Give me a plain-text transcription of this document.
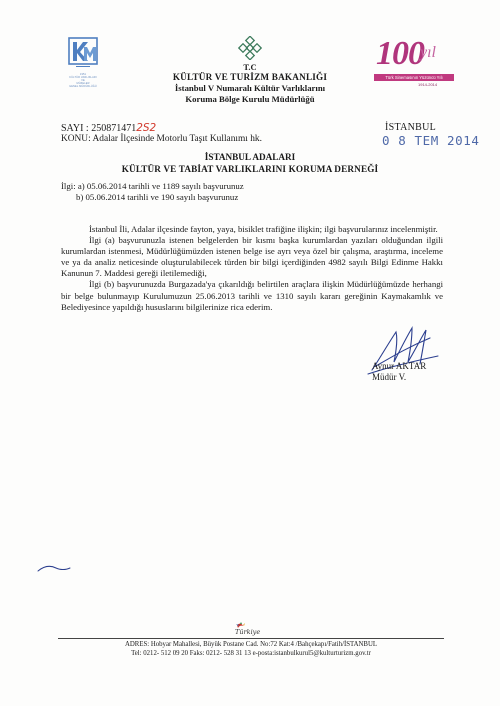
1951
KÜLTÜR VARLIKLARI
VE
MÜZELER
GENEL MÜDÜRLÜĞÜ
T.C
KÜLTÜR VE TURİZM BAKANLIĞI
İstanbul V Numaralı Kültür Varlıklarını
Koruma Bölge Kurulu Müdürlüğü
100
yıl
Türk Sinemasının Yüzüncü Yılı
1914-2014
SAYI : 2508714712S2
KONU: Adalar İlçesinde Motorlu Taşıt Kullanımı hk.
İSTANBUL
0 8 TEM 2014
İSTANBUL ADALARI
KÜLTÜR VE TABİAT VARLIKLARINI KORUMA DERNEĞİ
İlgi: a) 05.06.2014 tarihli ve 1189 sayılı başvurunuz
b) 05.06.2014 tarihli ve 190 sayılı başvurunuz

İstanbul İli, Adalar ilçesinde fayton, yaya, bisiklet trafiğine ilişkin; ilgi başvurularınız incelenmiştir.

İlgi (a) başvurunuzla istenen belgelerden bir kısmı başka kurumlardan yazıları olduğundan ilgili kurumlardan istenmesi, Müdürlüğümüzden istenen belge ise ayrı veya özel bir çalışma, araştırma, inceleme ve ya da analiz neticesinde oluşturulabilecek türden bir bilgi içerdiğinden 4982 sayılı Bilgi Edinme Hakkı Kanunun 7. Maddesi gereği iletilemediği,

İlgi (b) başvurunuzda Burgazada'ya çıkarıldığı belirtilen araçlara ilişkin Müdürlüğümüzde herhangi bir belge bulunmayıp Kurulumuzun 25.06.2013 tarihli ve 1310 sayılı kararı gereğinin Kaymakamlık ve Belediyesince yapıldığı hususlarını bilgilerinize rica ederim.

Aynur AKTAR
Müdür V.
Türkiye
ADRES: Hobyar Mahallesi, Büyük Postane Cad. No:72 Kat:4 /Bahçekapı/Fatih/İSTANBUL
Tel: 0212- 512 09 20 Faks: 0212- 528 31 13 e-posta:istanbulkurul5@kulturturizm.gov.tr
